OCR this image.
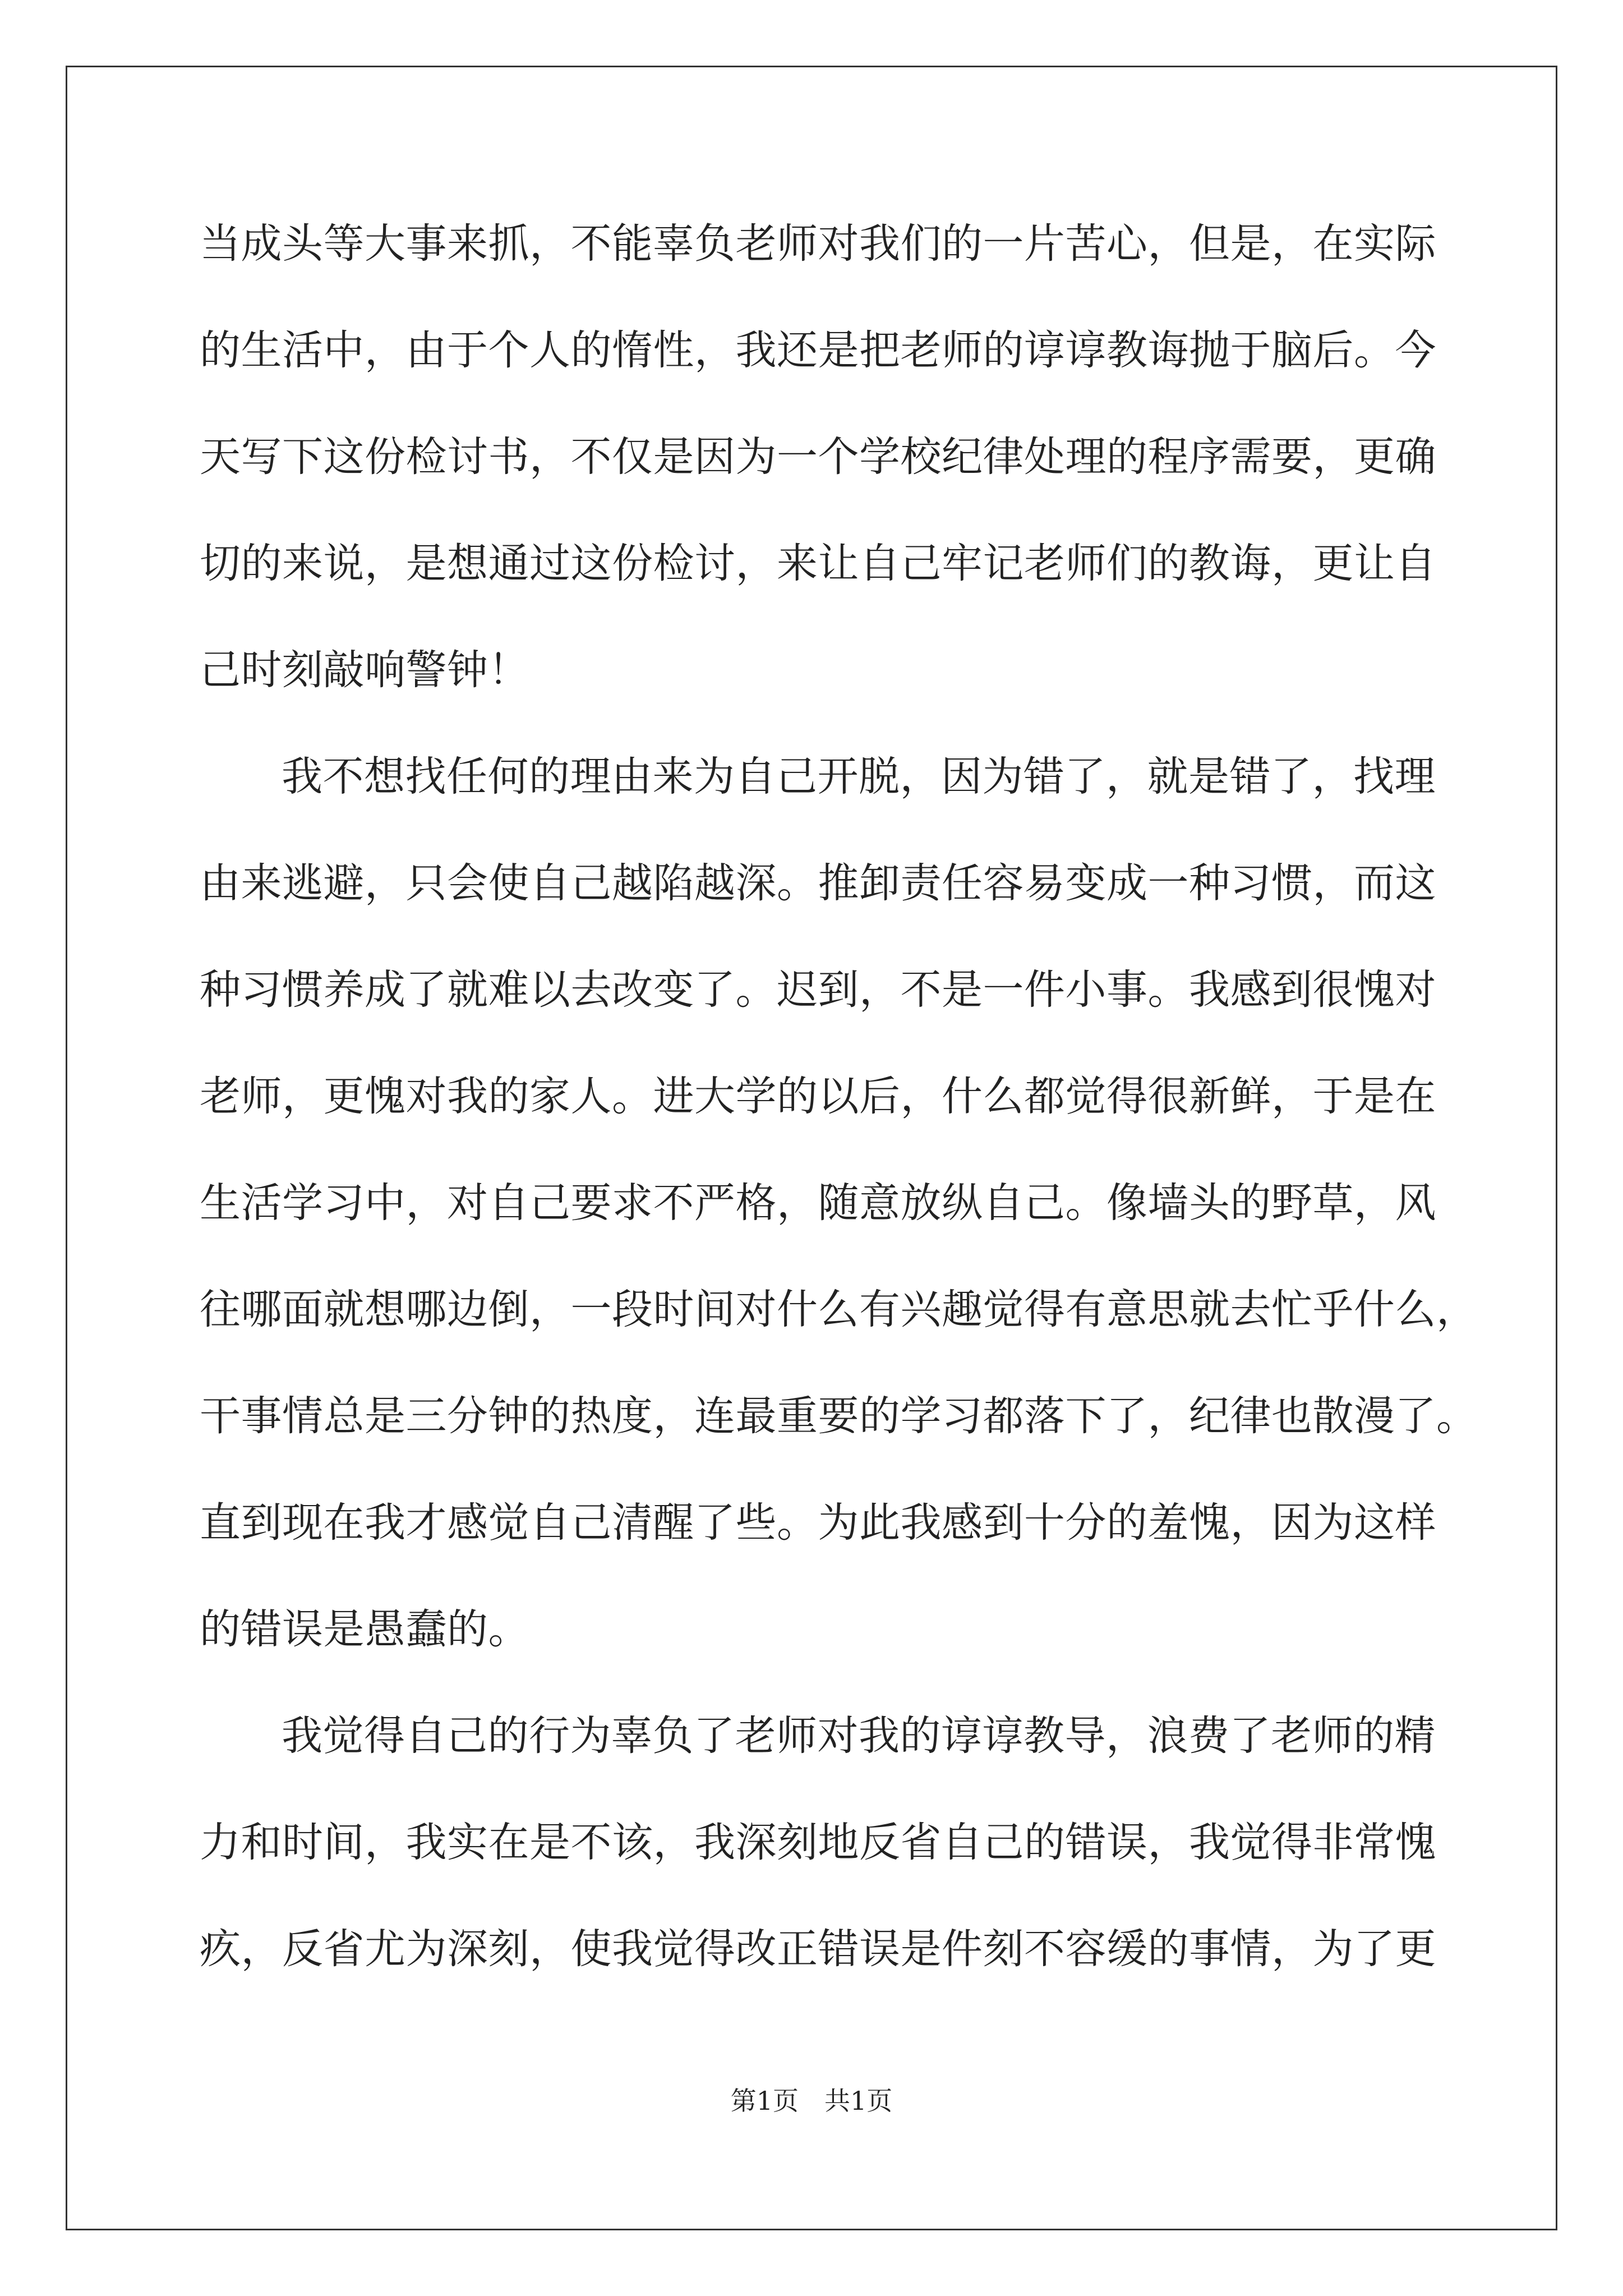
当成头等大事来抓，不能辜负老师对我们的一片苦心，但是，在实际
的生活中，由于个人的惰性，我还是把老师的谆谆教诲抛于脑后。今
天写下这份检讨书，不仅是因为一个学校纪律处理的程序需要，更确
切的来说，是想通过这份检讨，来让自己牢记老师们的教诲，更让自
己时刻敲响警钟！
我不想找任何的理由来为自己开脱，因为错了，就是错了，找理
由来逃避，只会使自己越陷越深。推卸责任容易变成一种习惯，而这
种习惯养成了就难以去改变了。迟到，不是一件小事。我感到很愧对
老师，更愧对我的家人。进大学的以后，什么都觉得很新鲜，于是在
生活学习中，对自己要求不严格，随意放纵自己。像墙头的野草，风
往哪面就想哪边倒，一段时间对什么有兴趣觉得有意思就去忙乎什么，
干事情总是三分钟的热度，连最重要的学习都落下了，纪律也散漫了。
直到现在我才感觉自己清醒了些。为此我感到十分的羞愧，因为这样
的错误是愚蠢的。
我觉得自己的行为辜负了老师对我的谆谆教导，浪费了老师的精
力和时间，我实在是不该，我深刻地反省自己的错误，我觉得非常愧
疚，反省尤为深刻，使我觉得改正错误是件刻不容缓的事情，为了更
第1页　共1页
